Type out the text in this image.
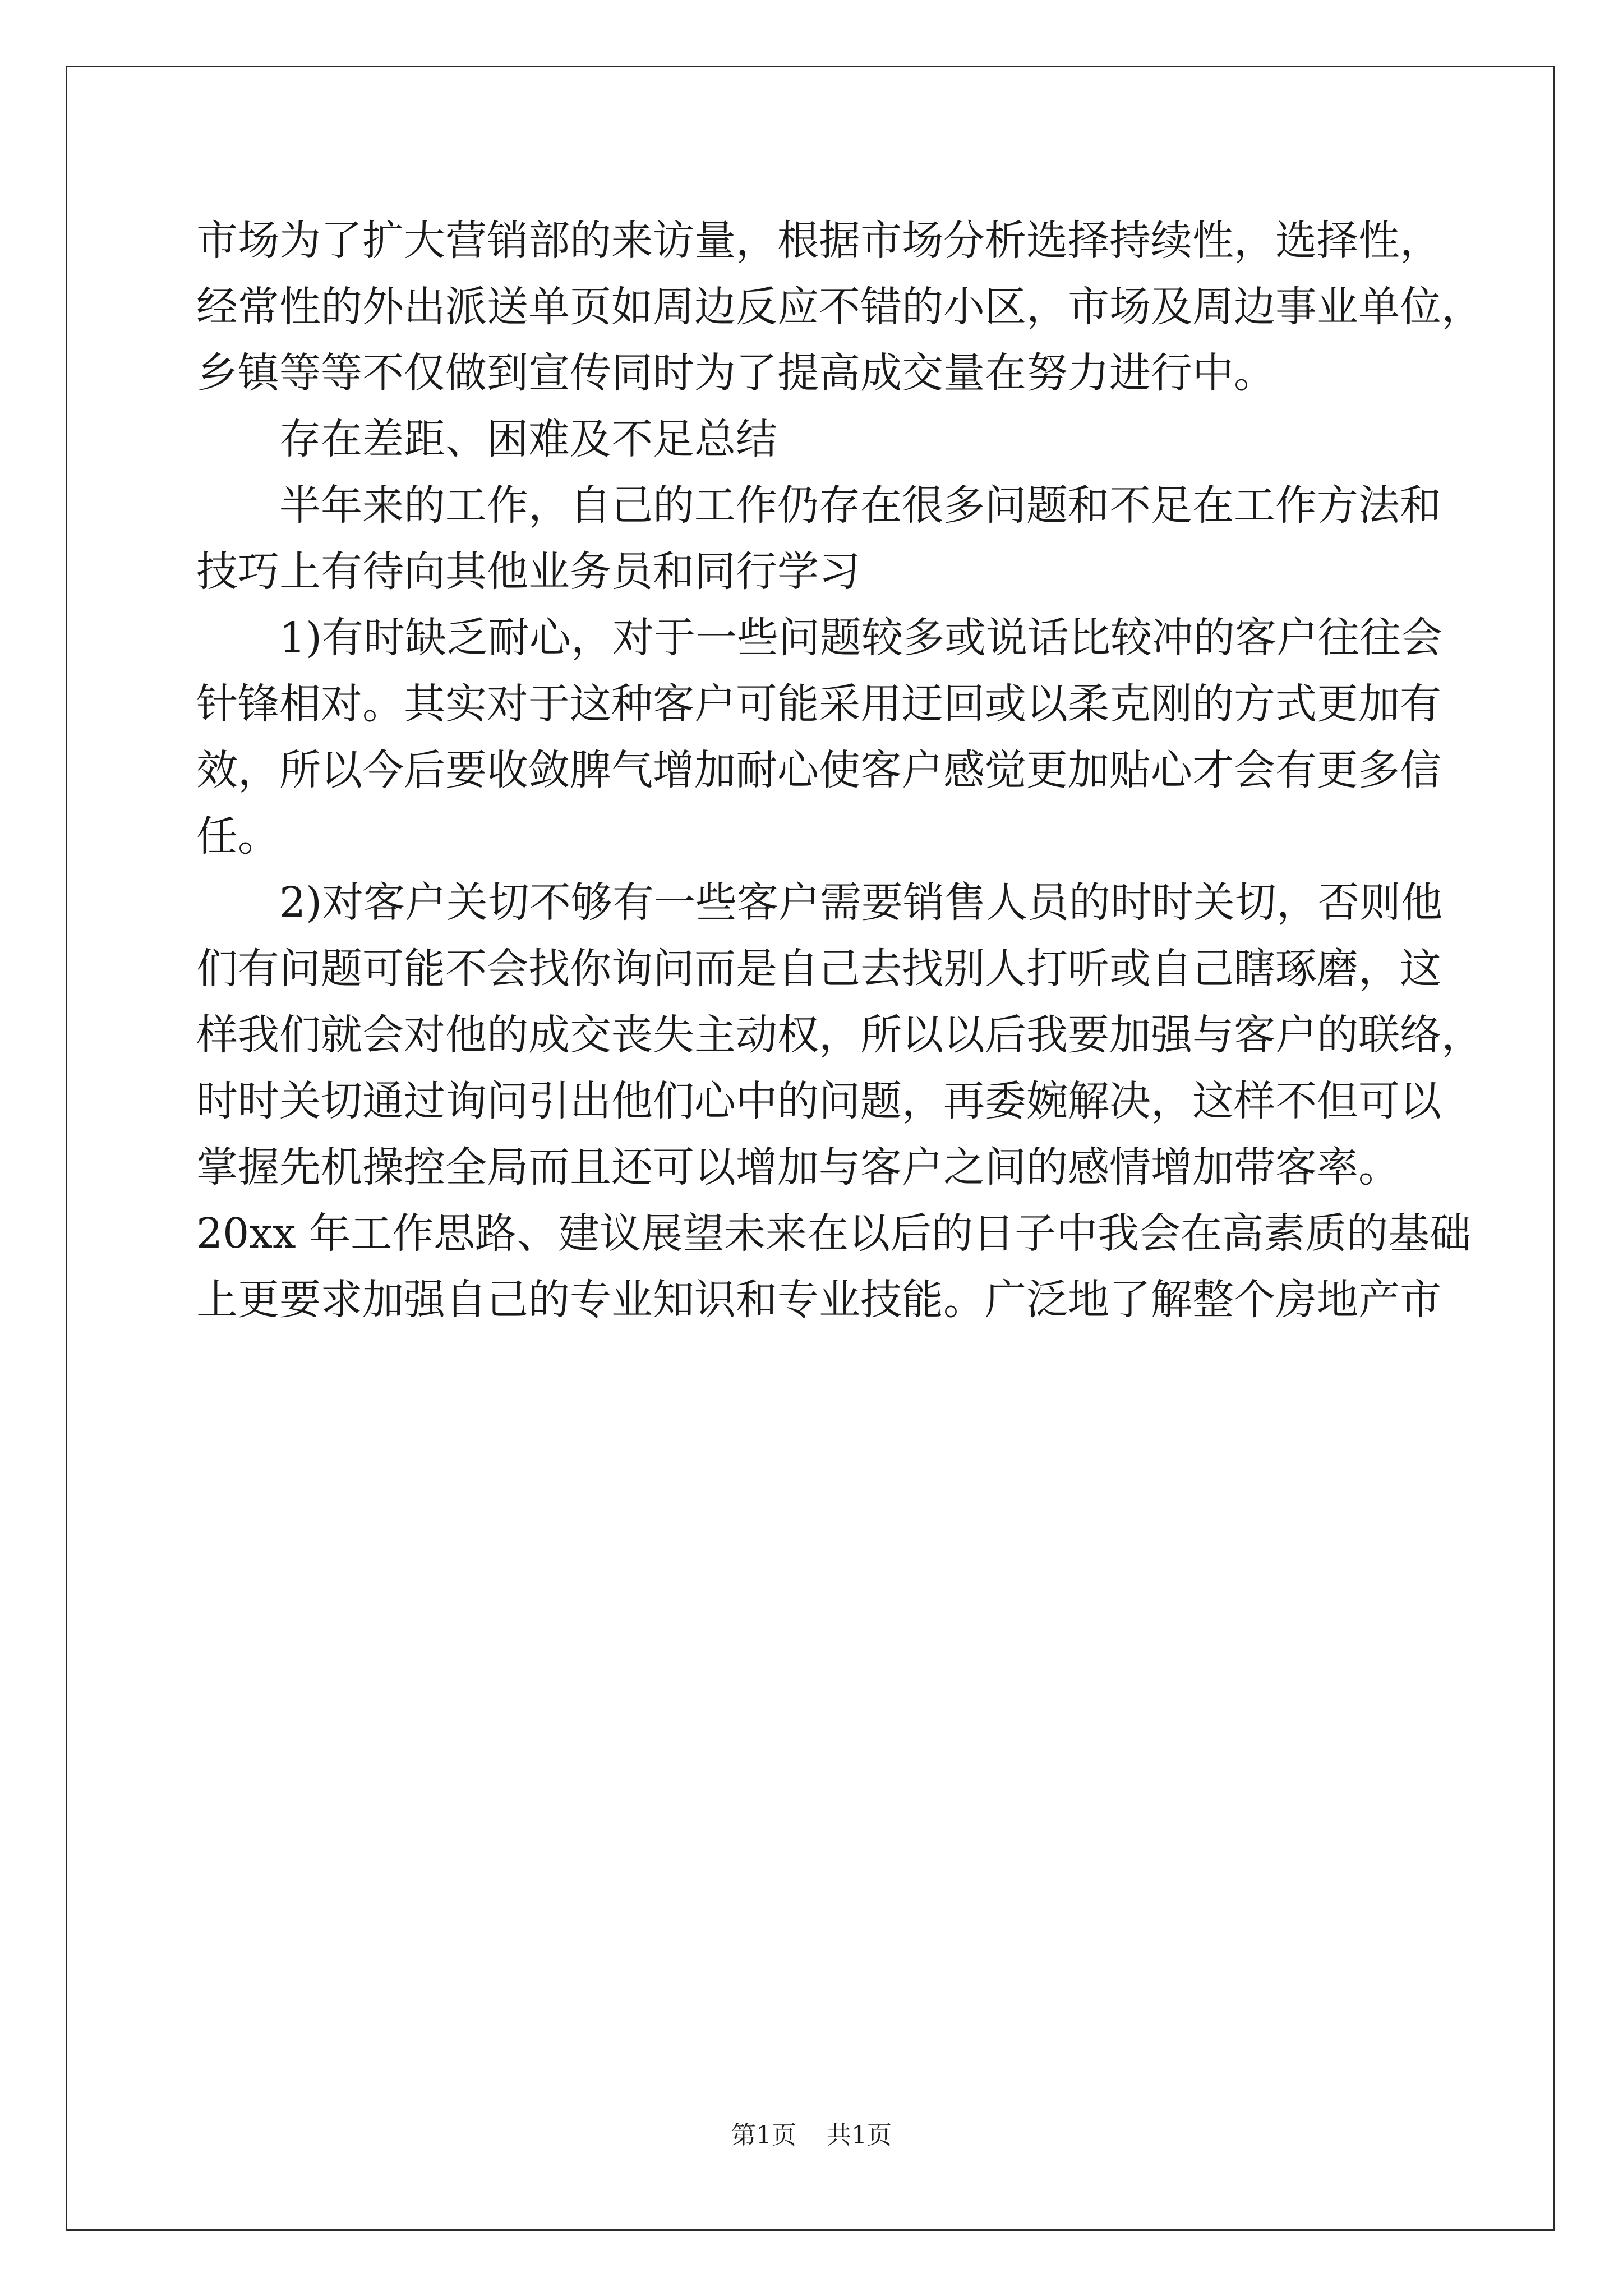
市场为了扩大营销部的来访量，根据市场分析选择持续性，选择性，
经常性的外出派送单页如周边反应不错的小区，市场及周边事业单位，
乡镇等等不仅做到宣传同时为了提高成交量在努力进行中。
存在差距、困难及不足总结
半年来的工作，自己的工作仍存在很多问题和不足在工作方法和
技巧上有待向其他业务员和同行学习
1)有时缺乏耐心，对于一些问题较多或说话比较冲的客户往往会
针锋相对。其实对于这种客户可能采用迂回或以柔克刚的方式更加有
效，所以今后要收敛脾气增加耐心使客户感觉更加贴心才会有更多信
任。
2)对客户关切不够有一些客户需要销售人员的时时关切，否则他
们有问题可能不会找你询问而是自己去找别人打听或自己瞎琢磨，这
样我们就会对他的成交丧失主动权，所以以后我要加强与客户的联络，
时时关切通过询问引出他们心中的问题，再委婉解决，这样不但可以
掌握先机操控全局而且还可以增加与客户之间的感情增加带客率。
20xx 年工作思路、建议展望未来在以后的日子中我会在高素质的基础
上更要求加强自己的专业知识和专业技能。广泛地了解整个房地产市
第1页 共1页
